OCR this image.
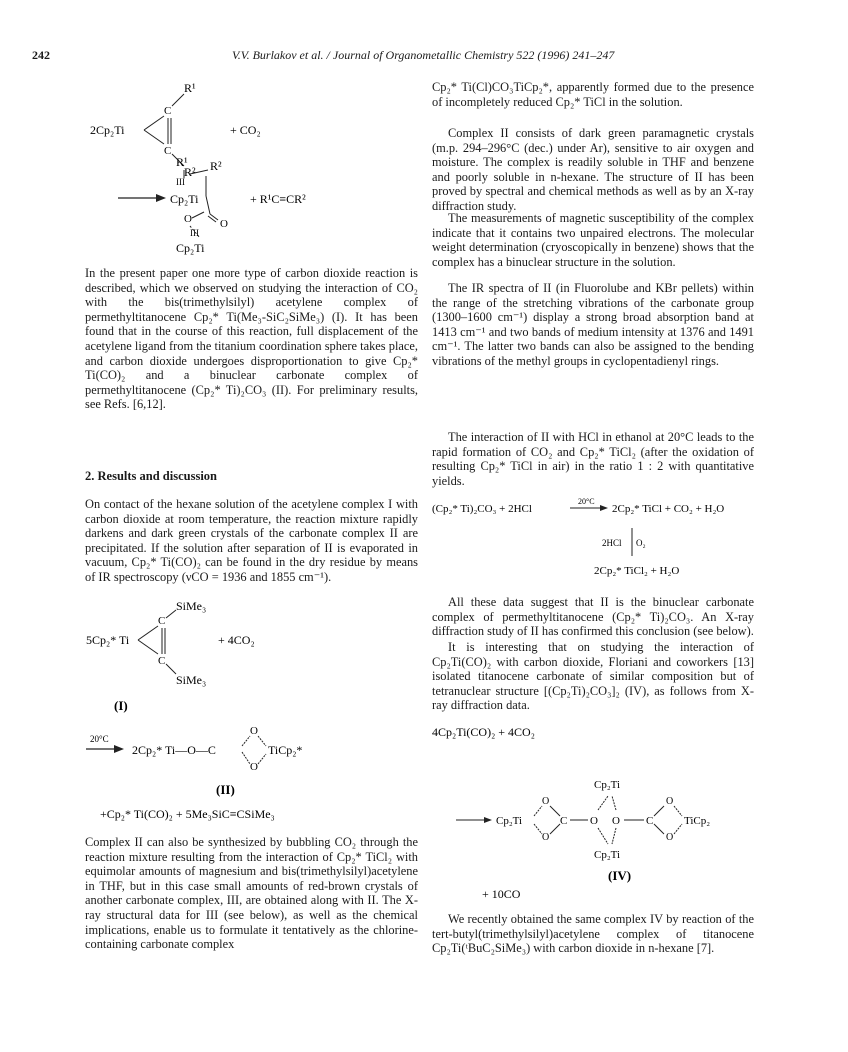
242	V.V. Burlakov et al. / Journal of Organometallic Chemistry 522 (1996) 241–247
2Cp₂Ti
C
C
R¹
R²
+ CO₂
Cp₂Ti
R¹
III
R²
O	O
III
Cp₂Ti
+ R¹C≡CR²

In the present paper one more type of carbon dioxide reaction is described, which we observed on studying the interaction of CO₂ with the bis(trimethylsilyl) acetylene complex of permethyltitanocene Cp₂* Ti(Me₃-SiC₂SiMe₃) (I). It has been found that in the course of this reaction, full displacement of the acetylene ligand from the titanium coordination sphere takes place, and carbon dioxide undergoes disproportionation to give Cp₂* Ti(CO)₂ and a binuclear carbonate complex of permethyltitanocene (Cp₂* Ti)₂CO₃ (II). For preliminary results, see Refs. [6,12].

2. Results and discussion

On contact of the hexane solution of the acetylene complex I with carbon dioxide at room temperature, the reaction mixture rapidly darkens and dark green crystals of the carbonate complex II are precipitated. If the solution after separation of II is evaporated in vacuum, Cp₂* Ti(CO)₂ can be found in the dry residue by means of IR spectroscopy (νCO = 1936 and 1855 cm⁻¹).

5Cp₂* Ti
C
C
SiMe₃
SiMe₃
+ 4CO₂
(I)
20°C
2Cp₂* Ti—O—C
O
O
TiCp₂*
(II)
+Cp₂* Ti(CO)₂ + 5Me₃SiC≡CSiMe₃

Complex II can also be synthesized by bubbling CO₂ through the reaction mixture resulting from the interaction of Cp₂* TiCl₂ with equimolar amounts of magnesium and bis(trimethylsilyl)acetylene in THF, but in this case small amounts of red-brown crystals of another carbonate complex, III, are obtained along with II. The X-ray structural data for III (see below), as well as the chemical implications, enable us to formulate it tentatively as the chlorine-containing carbonate complex

Cp₂* Ti(Cl)CO₃TiCp₂*, apparently formed due to the presence of incompletely reduced Cp₂* TiCl in the solution.

Complex II consists of dark green paramagnetic crystals (m.p. 294–296°C (dec.) under Ar), sensitive to air oxygen and moisture. The complex is readily soluble in THF and benzene and poorly soluble in n-hexane. The structure of II has been proved by spectral and chemical methods as well as by an X-ray diffraction study.

The measurements of magnetic susceptibility of the complex indicate that it contains two unpaired electrons. The molecular weight determination (cryoscopically in benzene) shows that the complex has a binuclear structure in the solution.

The IR spectra of II (in Fluorolube and KBr pellets) within the range of the stretching vibrations of the carbonate group (1300–1600 cm⁻¹) display a strong broad absorption band at 1413 cm⁻¹ and two bands of medium intensity at 1376 and 1491 cm⁻¹. The latter two bands can also be assigned to the bending vibrations of the methyl groups in cyclopentadienyl rings.

The interaction of II with HCl in ethanol at 20°C leads to the rapid formation of CO₂ and Cp₂* TiCl₂ (after the oxidation of resulting Cp₂* TiCl in air) in the ratio 1 : 2 with quantitative yields.

(Cp₂* Ti)₂CO₃ + 2HCl
20°C
2Cp₂* TiCl + CO₂ + H₂O
2HCl O₂
2Cp₂* TiCl₂ + H₂O

All these data suggest that II is the binuclear carbonate complex of permethyltitanocene (Cp₂* Ti)₂CO₃. An X-ray diffraction study of II has confirmed this conclusion (see below).

It is interesting that on studying the interaction of Cp₂Ti(CO)₂ with carbon dioxide, Floriani and coworkers [13] isolated titanocene carbonate of similar composition but of tetranuclear structure [(Cp₂Ti)₂CO₃]₂ (IV), as follows from X-ray diffraction data.

4Cp₂Ti(CO)₂ + 4CO₂
Cp₂Ti
O
O
C O O
Cp₂Ti
Cp₂Ti
C
O
O
TiCp₂
(IV)
+ 10CO

We recently obtained the same complex IV by reaction of the tert-butyl(trimethylsilyl)acetylene complex of titanocene Cp₂Ti(ᵗBuC₂SiMe₃) with carbon dioxide in n-hexane [7].
